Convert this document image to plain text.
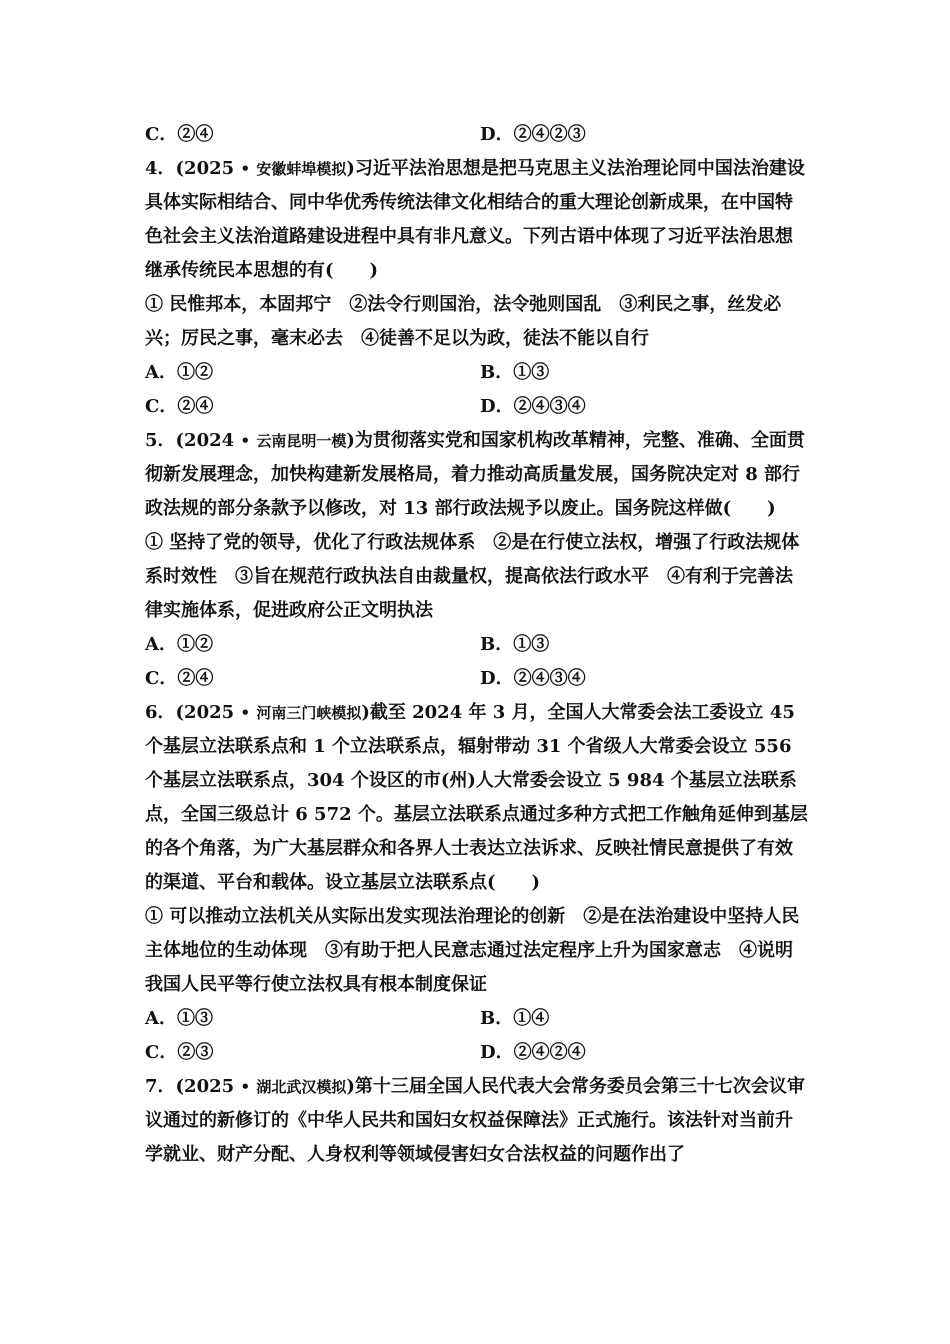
C．②④	D．②④②③
4．(2025 • 安徽蚌埠模拟)习近平法治思想是把马克思主义法治理论同中国法治建设具体实际相结合、同中华优秀传统法律文化相结合的重大理论创新成果，在中国特色社会主义法治道路建设进程中具有非凡意义。下列古语中体现了习近平法治思想继承传统民本思想的有(　　)
① 民惟邦本，本固邦宁　②法令行则国治，法令弛则国乱　③利民之事，丝发必兴；厉民之事，毫末必去　④徒善不足以为政，徒法不能以自行
A．①②	B．①③
C．②④	D．②④③④
5．(2024 • 云南昆明一模)为贯彻落实党和国家机构改革精神，完整、准确、全面贯彻新发展理念，加快构建新发展格局，着力推动高质量发展，国务院决定对 8 部行政法规的部分条款予以修改，对 13 部行政法规予以废止。国务院这样做(　　)
① 坚持了党的领导，优化了行政法规体系　②是在行使立法权，增强了行政法规体系时效性　③旨在规范行政执法自由裁量权，提高依法行政水平　④有利于完善法律实施体系，促进政府公正文明执法
A．①②	B．①③
C．②④	D．②④③④
6．(2025 • 河南三门峡模拟)截至 2024 年 3 月，全国人大常委会法工委设立 45 个基层立法联系点和 1 个立法联系点，辐射带动 31 个省级人大常委会设立 556 个基层立法联系点，304 个设区的市(州)人大常委会设立 5 984 个基层立法联系点，全国三级总计 6 572 个。基层立法联系点通过多种方式把工作触角延伸到基层的各个角落，为广大基层群众和各界人士表达立法诉求、反映社情民意提供了有效的渠道、平台和载体。设立基层立法联系点(　　)
① 可以推动立法机关从实际出发实现法治理论的创新　②是在法治建设中坚持人民主体地位的生动体现　③有助于把人民意志通过法定程序上升为国家意志　④说明我国人民平等行使立法权具有根本制度保证
A．①③	B．①④
C．②③	D．②④②④
7．(2025 • 湖北武汉模拟)第十三届全国人民代表大会常务委员会第三十七次会议审议通过的新修订的《中华人民共和国妇女权益保障法》正式施行。该法针对当前升学就业、财产分配、人身权利等领域侵害妇女合法权益的问题作出了
